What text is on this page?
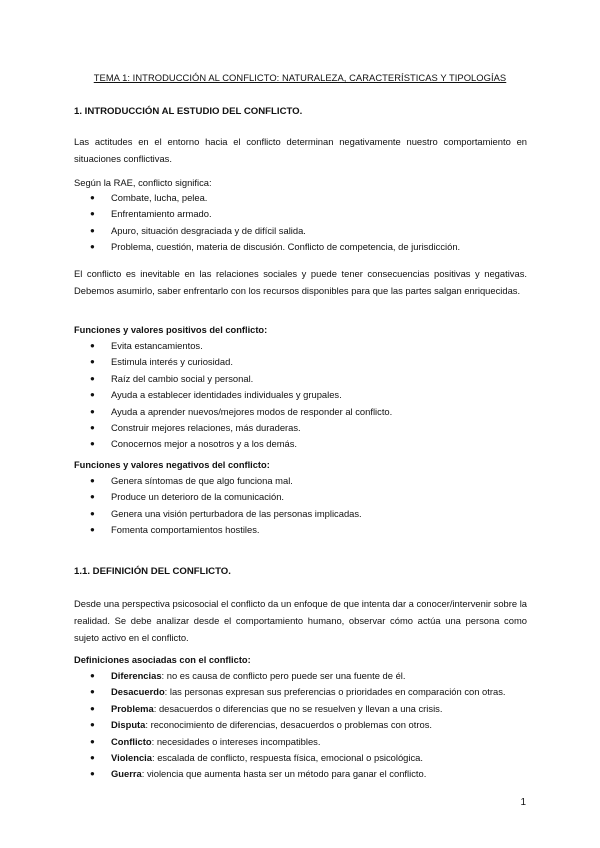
TEMA 1: INTRODUCCIÓN AL CONFLICTO: NATURALEZA, CARACTERÍSTICAS Y TIPOLOGÍAS
1. INTRODUCCIÓN AL ESTUDIO DEL CONFLICTO.
Las actitudes en el entorno hacia el conflicto determinan negativamente nuestro comportamiento en situaciones conflictivas.
Según la RAE, conflicto significa:
● Combate, lucha, pelea.
● Enfrentamiento armado.
● Apuro, situación desgraciada y de difícil salida.
● Problema, cuestión, materia de discusión. Conflicto de competencia, de jurisdicción.
El conflicto es inevitable en las relaciones sociales y puede tener consecuencias positivas y negativas. Debemos asumirlo, saber enfrentarlo con los recursos disponibles para que las partes salgan enriquecidas.
Funciones y valores positivos del conflicto:
● Evita estancamientos.
● Estimula interés y curiosidad.
● Raíz del cambio social y personal.
● Ayuda a establecer identidades individuales y grupales.
● Ayuda a aprender nuevos/mejores modos de responder al conflicto.
● Construir mejores relaciones, más duraderas.
● Conocernos mejor a nosotros y a los demás.
Funciones y valores negativos del conflicto:
● Genera síntomas de que algo funciona mal.
● Produce un deterioro de la comunicación.
● Genera una visión perturbadora de las personas implicadas.
● Fomenta comportamientos hostiles.
1.1. DEFINICIÓN DEL CONFLICTO.
Desde una perspectiva psicosocial el conflicto da un enfoque de que intenta dar a conocer/intervenir sobre la realidad. Se debe analizar desde el comportamiento humano, observar cómo actúa una persona como sujeto activo en el conflicto.
Definiciones asociadas con el conflicto:
● Diferencias: no es causa de conflicto pero puede ser una fuente de él.
● Desacuerdo: las personas expresan sus preferencias o prioridades en comparación con otras.
● Problema: desacuerdos o diferencias que no se resuelven y llevan a una crisis.
● Disputa: reconocimiento de diferencias, desacuerdos o problemas con otros.
● Conflicto: necesidades o intereses incompatibles.
● Violencia: escalada de conflicto, respuesta física, emocional o psicológica.
● Guerra: violencia que aumenta hasta ser un método para ganar el conflicto.
1
